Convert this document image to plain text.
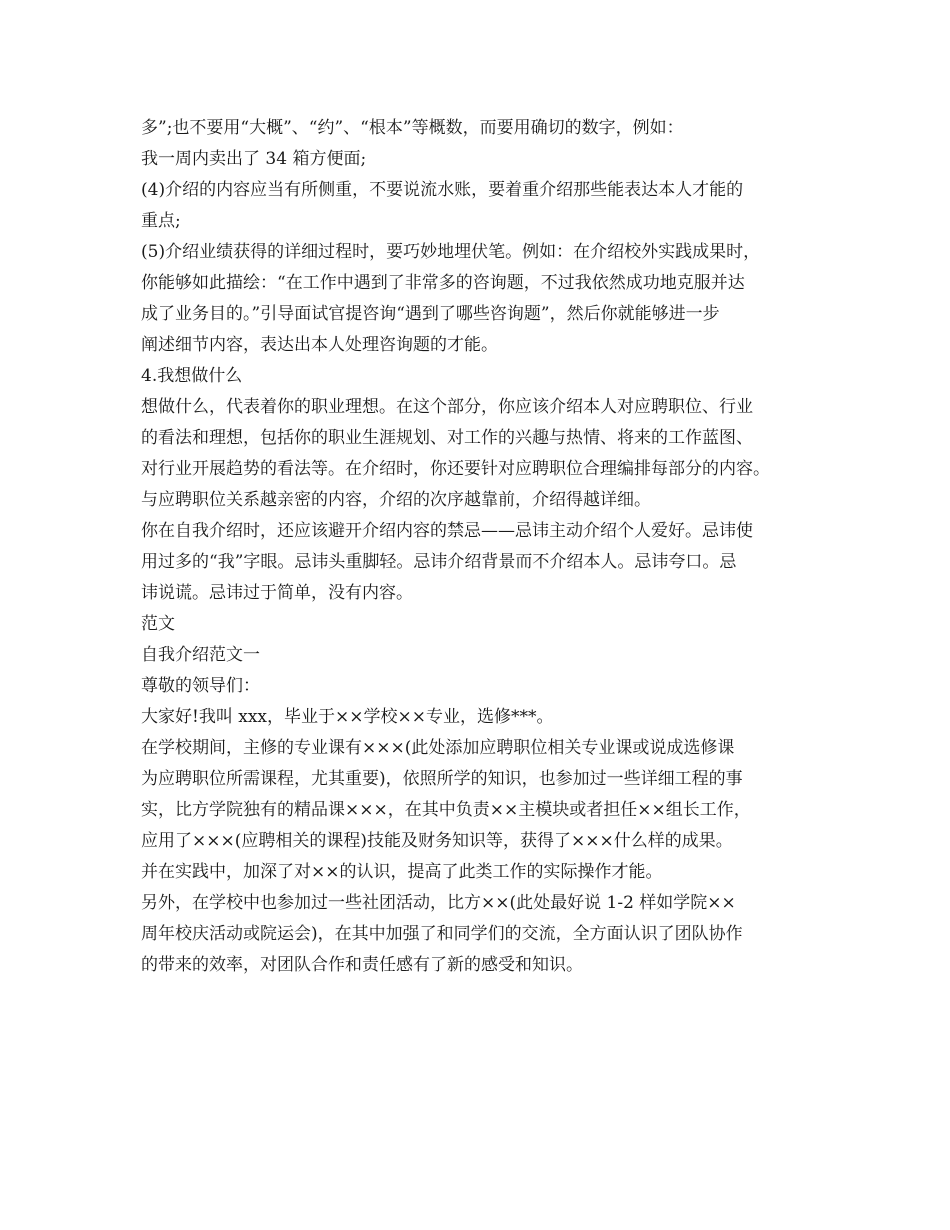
多”;也不要用“大概”、“约”、“根本”等概数，而要用确切的数字，例如：
我一周内卖出了 34 箱方便面;
(4)介绍的内容应当有所侧重，不要说流水账，要着重介绍那些能表达本人才能的
重点;
(5)介绍业绩获得的详细过程时，要巧妙地埋伏笔。例如：在介绍校外实践成果时，
你能够如此描绘：“在工作中遇到了非常多的咨询题，不过我依然成功地克服并达
成了业务目的。”引导面试官提咨询“遇到了哪些咨询题”，然后你就能够进一步
阐述细节内容，表达出本人处理咨询题的才能。
4.我想做什么
想做什么，代表着你的职业理想。在这个部分，你应该介绍本人对应聘职位、行业
的看法和理想，包括你的职业生涯规划、对工作的兴趣与热情、将来的工作蓝图、
对行业开展趋势的看法等。在介绍时，你还要针对应聘职位合理编排每部分的内容。
与应聘职位关系越亲密的内容，介绍的次序越靠前，介绍得越详细。
你在自我介绍时，还应该避开介绍内容的禁忌——忌讳主动介绍个人爱好。忌讳使
用过多的“我”字眼。忌讳头重脚轻。忌讳介绍背景而不介绍本人。忌讳夸口。忌
讳说谎。忌讳过于简单，没有内容。
范文
自我介绍范文一
尊敬的领导们：
大家好!我叫 xxx，毕业于××学校××专业，选修***。
在学校期间，主修的专业课有×××(此处添加应聘职位相关专业课或说成选修课
为应聘职位所需课程，尤其重要)，依照所学的知识，也参加过一些详细工程的事
实，比方学院独有的精品课×××，在其中负责××主模块或者担任××组长工作，
应用了×××(应聘相关的课程)技能及财务知识等，获得了×××什么样的成果。
并在实践中，加深了对××的认识，提高了此类工作的实际操作才能。
另外，在学校中也参加过一些社团活动，比方××(此处最好说 1-2 样如学院××
周年校庆活动或院运会)，在其中加强了和同学们的交流，全方面认识了团队协作
的带来的效率，对团队合作和责任感有了新的感受和知识。
